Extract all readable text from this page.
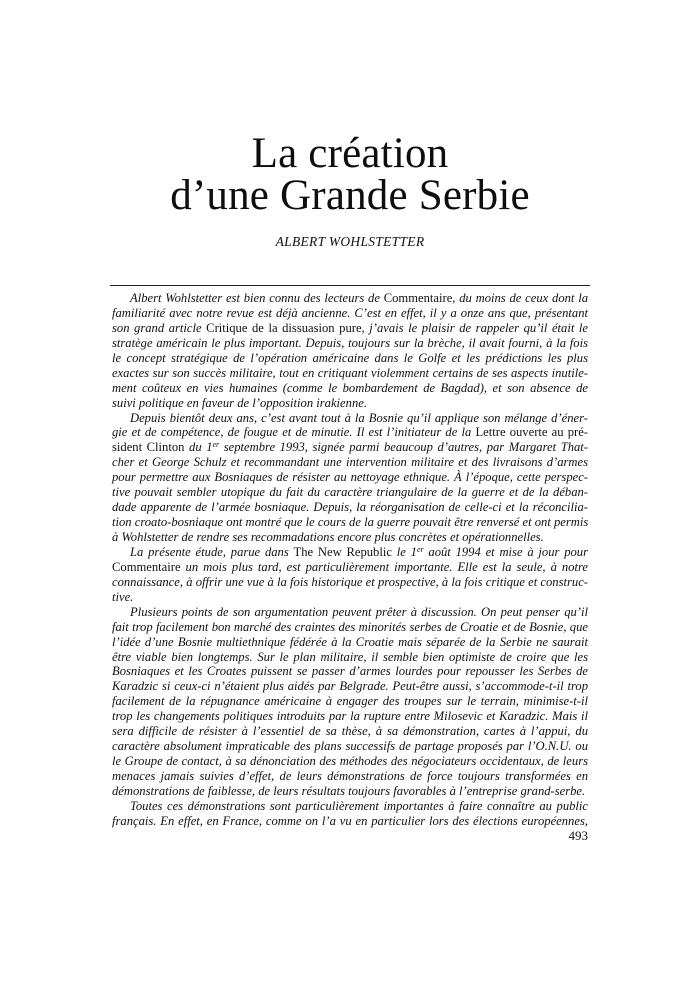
La création
d’une Grande Serbie
ALBERT WOHLSTETTER
Albert Wohlstetter est bien connu des lecteurs de Commentaire, du moins de ceux dont la
familiarité avec notre revue est déjà ancienne. C’est en effet, il y a onze ans que, présentant
son grand article Critique de la dissuasion pure, j’avais le plaisir de rappeler qu’il était le
stratège américain le plus important. Depuis, toujours sur la brèche, il avait fourni, à la fois
le concept stratégique de l’opération américaine dans le Golfe et les prédictions les plus
exactes sur son succès militaire, tout en critiquant violemment certains de ses aspects inutile-
ment coûteux en vies humaines (comme le bombardement de Bagdad), et son absence de
suivi politique en faveur de l’opposition irakienne.
Depuis bientôt deux ans, c’est avant tout à la Bosnie qu’il applique son mélange d’éner-
gie et de compétence, de fougue et de minutie. Il est l’initiateur de la Lettre ouverte au pré-
sident Clinton du 1er septembre 1993, signée parmi beaucoup d’autres, par Margaret That-
cher et George Schulz et recommandant une intervention militaire et des livraisons d’armes
pour permettre aux Bosniaques de résister au nettoyage ethnique. À l’époque, cette perspec-
tive pouvait sembler utopique du fait du caractère triangulaire de la guerre et de la déban-
dade apparente de l’armée bosniaque. Depuis, la réorganisation de celle-ci et la réconcilia-
tion croato-bosniaque ont montré que le cours de la guerre pouvait être renversé et ont permis
à Wohlstetter de rendre ses recommadations encore plus concrètes et opérationnelles.
La présente étude, parue dans The New Republic le 1er août 1994 et mise à jour pour
Commentaire un mois plus tard, est particulièrement importante. Elle est la seule, à notre
connaissance, à offrir une vue à la fois historique et prospective, à la fois critique et construc-
tive.
Plusieurs points de son argumentation peuvent prêter à discussion. On peut penser qu’il
fait trop facilement bon marché des craintes des minorités serbes de Croatie et de Bosnie, que
l’idée d’une Bosnie multiethnique fédérée à la Croatie mais séparée de la Serbie ne saurait
être viable bien longtemps. Sur le plan militaire, il semble bien optimiste de croire que les
Bosniaques et les Croates puissent se passer d’armes lourdes pour repousser les Serbes de
Karadzic si ceux-ci n’étaient plus aidés par Belgrade. Peut-être aussi, s’accommode-t-il trop
facilement de la répugnance américaine à engager des troupes sur le terrain, minimise-t-il
trop les changements politiques introduits par la rupture entre Milosevic et Karadzic. Mais il
sera difficile de résister à l’essentiel de sa thèse, à sa démonstration, cartes à l’appui, du
caractère absolument impraticable des plans successifs de partage proposés par l’O.N.U. ou
le Groupe de contact, à sa dénonciation des méthodes des négociateurs occidentaux, de leurs
menaces jamais suivies d’effet, de leurs démonstrations de force toujours transformées en
démonstrations de faiblesse, de leurs résultats toujours favorables à l’entreprise grand-serbe.
Toutes ces démonstrations sont particulièrement importantes à faire connaître au public
français. En effet, en France, comme on l’a vu en particulier lors des élections européennes,
493
